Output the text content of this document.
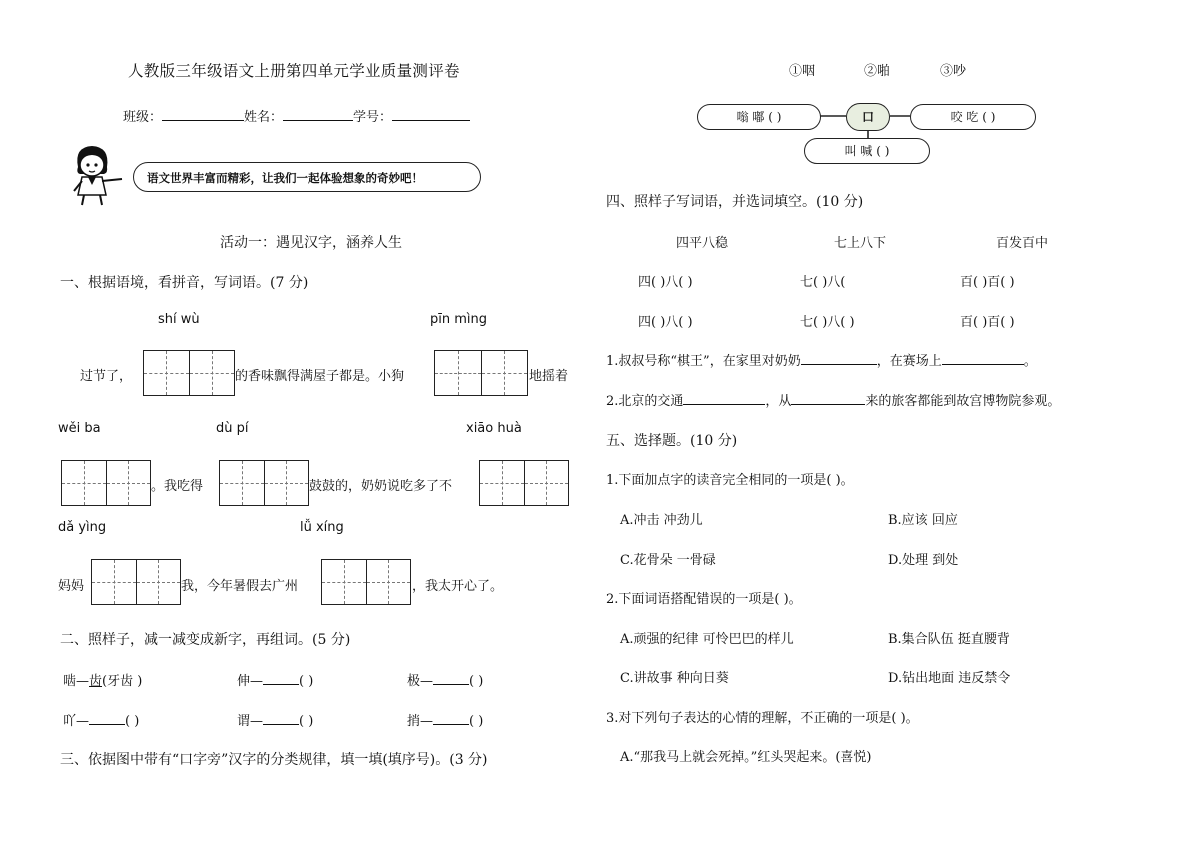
人教版三年级语文上册第四单元学业质量测评卷
班级：	姓名：	学号：
语文世界丰富而精彩，让我们一起体验想象的奇妙吧！
活动一：遇见汉字，涵养人生
一、根据语境，看拼音，写词语。(7 分)
shí wù	pīn mìng
过节了，	的香味飘得满屋子都是。小狗	地摇着
wěi ba	dù pí	xiāo huà
。我吃得	鼓鼓的，奶奶说吃多了不
dǎ yìng	lǚ xíng
妈妈	我，今年暑假去广州	，我太开心了。
二、照样子，减一减变成新字，再组词。(5 分)
啮—齿(牙齿 )	伸—	( )	极—	( )
吖—	( )	谓—	( )	捎—	( )
三、依据图中带有“口字旁”汉字的分类规律，填一填(填序号)。(3 分)
①咽	②啪	③吵
嗡 嘟 ( )	口	咬 吃 ( )
叫 喊 ( )
四、照样子写词语，并选词填空。(10 分)
四平八稳	七上八下	百发百中
四( )八( )	七( )八(	百( )百( )
四( )八( )	七( )八( )	百( )百( )
1.叔叔号称“棋王”，在家里对奶奶	，在赛场上	。
2.北京的交通	，从	来的旅客都能到故宫博物院参观。
五、选择题。(10 分)
1.下面加点字的读音完全相同的一项是( )。
A.冲击 冲劲儿	B.应该 回应
C.花骨朵 一骨碌	D.处理 到处
2.下面词语搭配错误的一项是( )。
A.顽强的纪律 可怜巴巴的样儿	B.集合队伍 挺直腰背
C.讲故事 种向日葵	D.钻出地面 违反禁令
3.对下列句子表达的心情的理解，不正确的一项是( )。
A.“那我马上就会死掉。”红头哭起来。(喜悦)
